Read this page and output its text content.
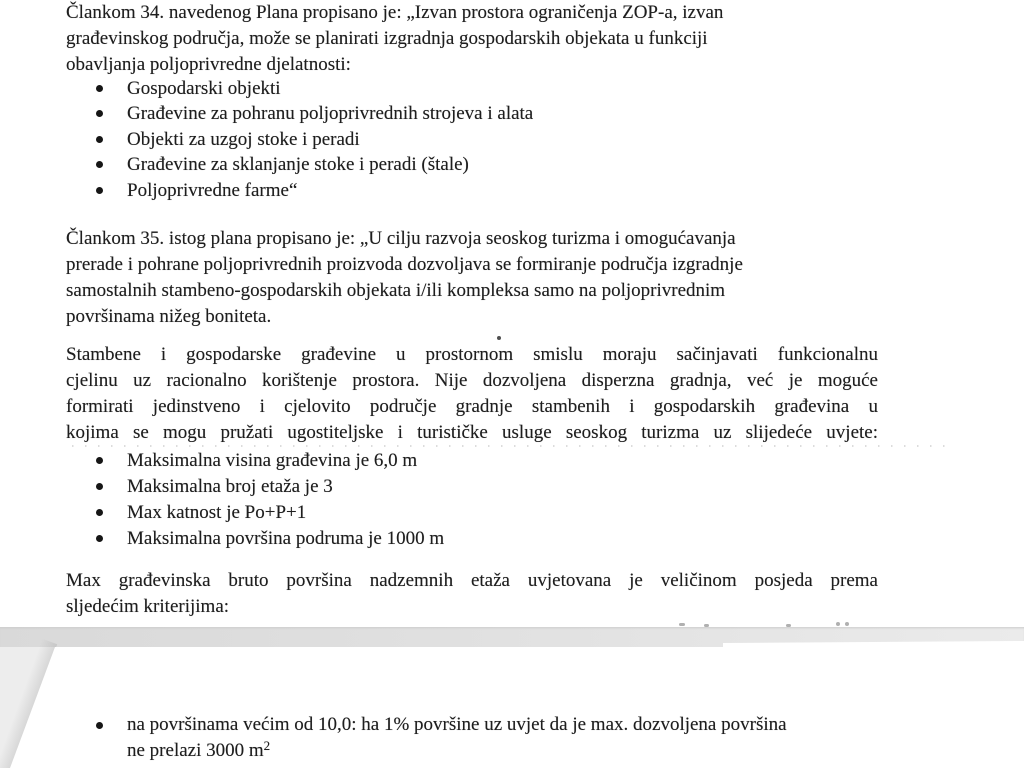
Člankom 34. navedenog Plana propisano je: „Izvan prostora ograničenja ZOP-a, izvan
građevinskog područja, može se planirati izgradnja gospodarskih objekata u funkciji
obavljanja poljoprivredne djelatnosti:
Gospodarski objekti
Građevine za pohranu poljoprivrednih strojeva i alata
Objekti za uzgoj stoke i peradi
Građevine za sklanjanje stoke i peradi (štale)
Poljoprivredne farme“
Člankom 35. istog plana propisano je: „U cilju razvoja seoskog turizma i omogućavanja
prerade i pohrane poljoprivrednih proizvoda dozvoljava se formiranje područja izgradnje
samostalnih stambeno-gospodarskih objekata i/ili kompleksa samo na poljoprivrednim
površinama nižeg boniteta.
Stambene i gospodarske građevine u prostornom smislu moraju sačinjavati funkcionalnu
cjelinu uz racionalno korištenje prostora. Nije dozvoljena disperzna gradnja, već je moguće
formirati jedinstveno i cjelovito područje gradnje stambenih i gospodarskih građevina u
kojima se mogu pružati ugostiteljske i turističke usluge seoskog turizma uz slijedeće uvjete:
Maksimalna visina građevina je 6,0 m
Maksimalna broj etaža je 3
Max katnost je Po+P+1
Maksimalna površina podruma je 1000 m
Max građevinska bruto površina nadzemnih etaža uvjetovana je veličinom posjeda prema
sljedećim kriterijima:
na površinama većim od 10,0: ha 1% površine uz uvjet da je max. dozvoljena površina
ne prelazi 3000 $m^2$
